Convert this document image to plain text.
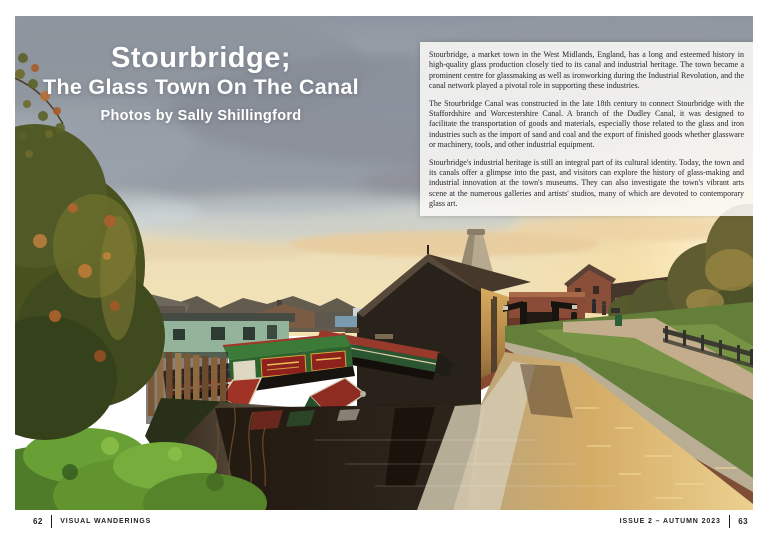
Stourbridge;
The Glass Town On The Canal
Photos by Sally Shillingford

Stourbridge, a market town in the West Midlands, England, has a long and esteemed history in high-quality glass production closely tied to its canal and industrial heritage. The town became a prominent centre for glassmaking as well as ironworking during the Industrial Revolution, and the canal network played a pivotal role in supporting these industries.

The Stourbridge Canal was constructed in the late 18th century to connect Stourbridge with the Staffordshire and Worcestershire Canal. A branch of the Dudley Canal, it was designed to facilitate the transportation of goods and materials, especially those related to the glass and iron industries such as the import of sand and coal and the export of finished goods whether glassware or machinery, tools, and other industrial equipment.

Stourbridge's industrial heritage is still an integral part of its cultural identity. Today, the town and its canals offer a glimpse into the past, and visitors can explore the history of glass-making and industrial innovation at the town's museums. They can also investigate the town's vibrant arts scene at the numerous galleries and artists' studios, many of which are devoted to contemporary glass art.

62	VISUAL WANDERINGS	ISSUE 2 – AUTUMN 2023 63
